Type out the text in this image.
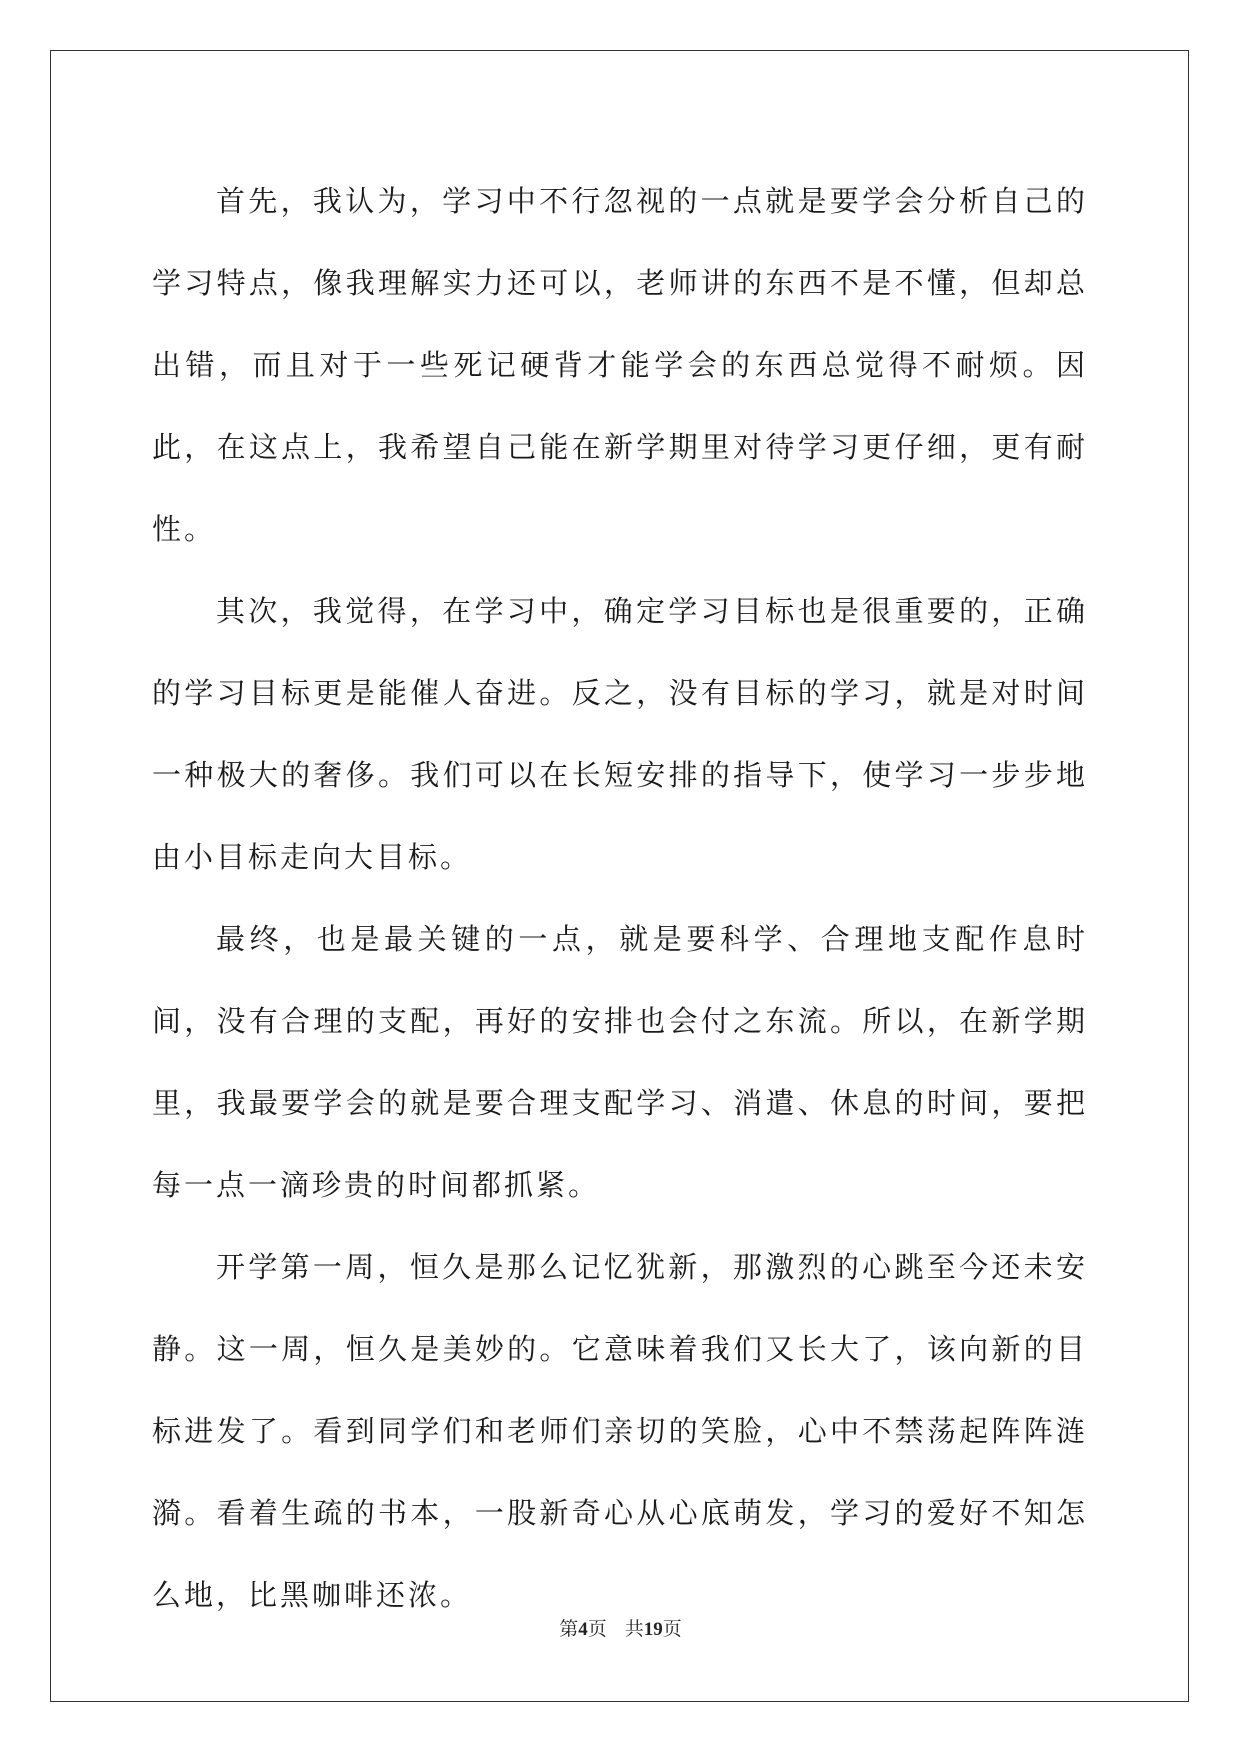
首先，我认为，学习中不行忽视的一点就是要学会分析自己的学习特点，像我理解实力还可以，老师讲的东西不是不懂，但却总出错，而且对于一些死记硬背才能学会的东西总觉得不耐烦。因此，在这点上，我希望自己能在新学期里对待学习更仔细，更有耐性。

其次，我觉得，在学习中，确定学习目标也是很重要的，正确的学习目标更是能催人奋进。反之，没有目标的学习，就是对时间一种极大的奢侈。我们可以在长短安排的指导下，使学习一步步地由小目标走向大目标。

最终，也是最关键的一点，就是要科学、合理地支配作息时间，没有合理的支配，再好的安排也会付之东流。所以，在新学期里，我最要学会的就是要合理支配学习、消遣、休息的时间，要把每一点一滴珍贵的时间都抓紧。

开学第一周，恒久是那么记忆犹新，那激烈的心跳至今还未安静。这一周，恒久是美妙的。它意味着我们又长大了，该向新的目标进发了。看到同学们和老师们亲切的笑脸，心中不禁荡起阵阵涟漪。看着生疏的书本，一股新奇心从心底萌发，学习的爱好不知怎么地，比黑咖啡还浓。

第4页 共19页
